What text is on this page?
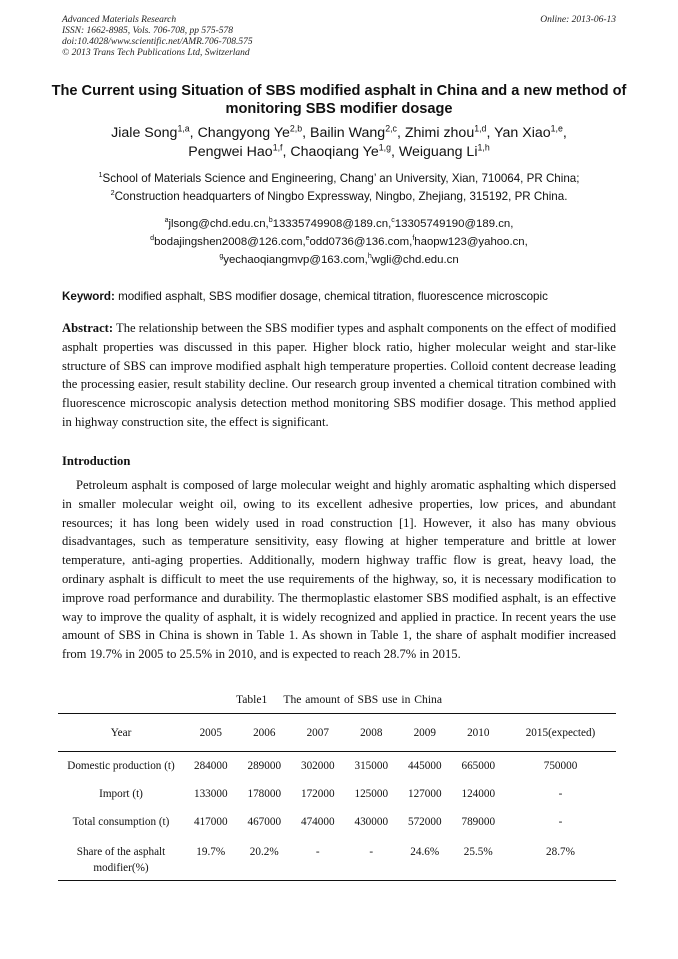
Advanced Materials Research
ISSN: 1662-8985, Vols. 706-708, pp 575-578
doi:10.4028/www.scientific.net/AMR.706-708.575
© 2013 Trans Tech Publications Ltd, Switzerland
Online: 2013-06-13
The Current using Situation of SBS modified asphalt in China and a new method of monitoring SBS modifier dosage
Jiale Song$^{1,a}$, Changyong Ye$^{2,b}$, Bailin Wang$^{2,c}$, Zhimi zhou$^{1,d}$, Yan Xiao$^{1,e}$,
Pengwei Hao$^{1,f}$, Chaoqiang Ye$^{1,g}$, Weiguang Li$^{1,h}$
$^1$School of Materials Science and Engineering, Chang’ an University, Xian, 710064, PR China;
$^2$Construction headquarters of Ningbo Expressway, Ningbo, Zhejiang, 315192, PR China.
$^a$jlsong@chd.edu.cn,$^b$13335749908@189.cn,$^c$13305749190@189.cn,
$^d$bodajingshen2008@126.com,$^e$odd0736@136.com,$^f$haopw123@yahoo.cn,
$^g$yechaoqiangmvp@163.com,$^h$wgli@chd.edu.cn

Keyword: modified asphalt, SBS modifier dosage, chemical titration, fluorescence microscopic

Abstract: The relationship between the SBS modifier types and asphalt components on the effect of modified asphalt properties was discussed in this paper. Higher block ratio, higher molecular weight and star-like structure of SBS can improve modified asphalt high temperature properties. Colloid content decrease leading the processing easier, result stability decline. Our research group invented a chemical titration combined with fluorescence microscopic analysis detection method monitoring SBS modifier dosage. This method applied in highway construction site, the effect is significant.

Introduction

Petroleum asphalt is composed of large molecular weight and highly aromatic asphalting which dispersed in smaller molecular weight oil, owing to its excellent adhesive properties, low prices, and abundant resources; it has long been widely used in road construction [1]. However, it also has many obvious disadvantages, such as temperature sensitivity, easy flowing at higher temperature and brittle at lower temperature, anti-aging properties. Additionally, modern highway traffic flow is great, heavy load, the ordinary asphalt is difficult to meet the use requirements of the highway, so, it is necessary modification to improve road performance and durability. The thermoplastic elastomer SBS modified asphalt, is an effective way to improve the quality of asphalt, it is widely recognized and applied in practice. In recent years the use amount of SBS in China is shown in Table 1. As shown in Table 1, the share of asphalt modifier increased from 19.7% in 2005 to 25.5% in 2010, and is expected to reach 28.7% in 2015.

Table1 The amount of SBS use in China
Year	2005	2006	2007	2008	2009	2010	2015(expected)
Domestic production (t)	284000	289000	302000	315000	445000	665000	750000
Import (t)	133000	178000	172000	125000	127000	124000	-
Total consumption (t)	417000	467000	474000	430000	572000	789000	-
Share of the asphalt modifier(%)	19.7%	20.2%	-	-	24.6%	25.5%	28.7%
